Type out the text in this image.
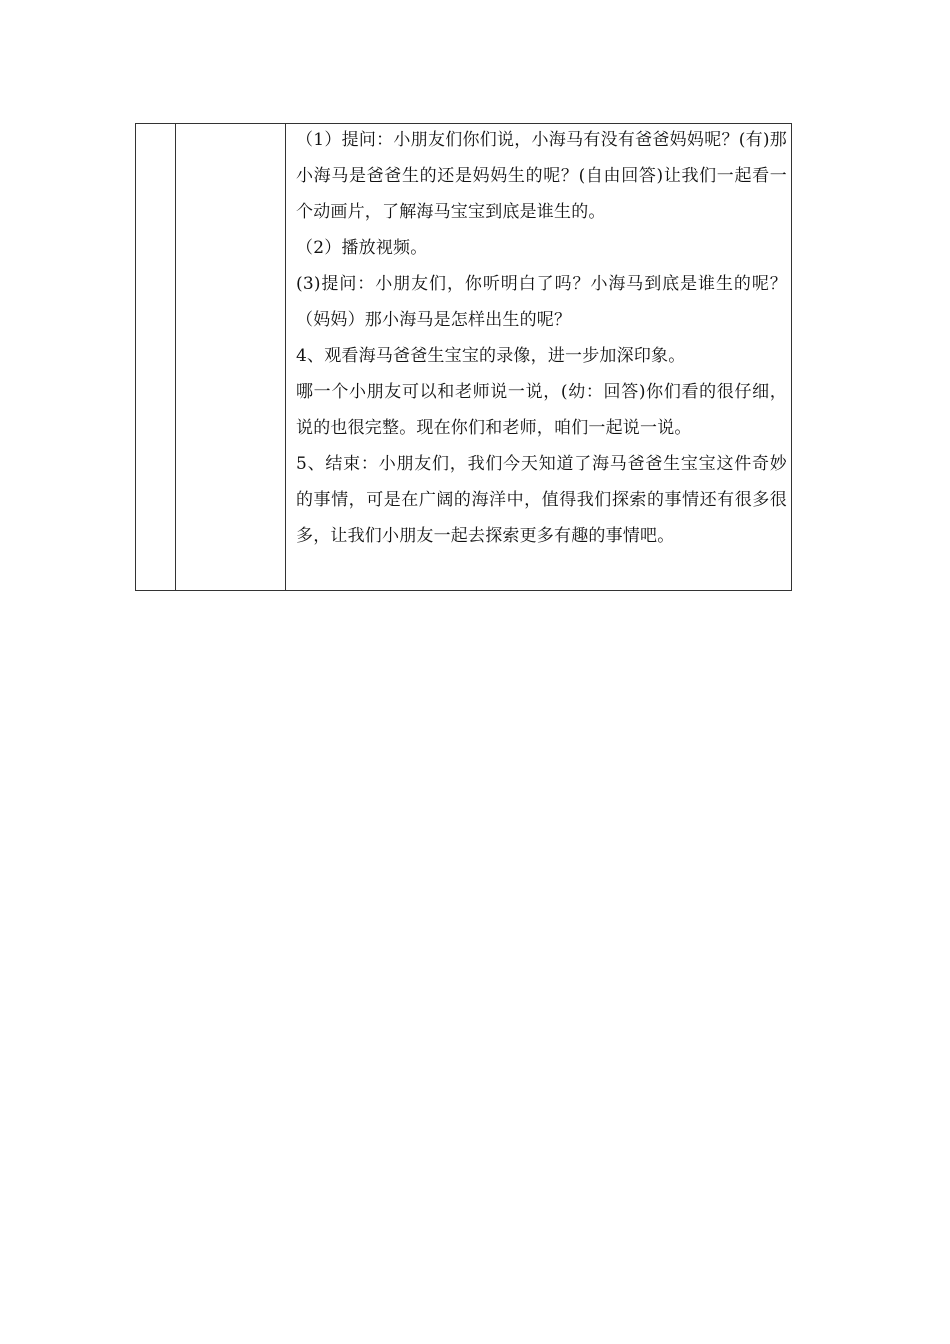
（1）提问：小朋友们你们说，小海马有没有爸爸妈妈呢？(有)那小海马是爸爸生的还是妈妈生的呢？(自由回答)让我们一起看一个动画片，了解海马宝宝到底是谁生的。

（2）播放视频。

(3)提问：小朋友们，你听明白了吗？小海马到底是谁生的呢？（妈妈）那小海马是怎样出生的呢？

4、观看海马爸爸生宝宝的录像，进一步加深印象。

哪一个小朋友可以和老师说一说，(幼：回答)你们看的很仔细，说的也很完整。现在你们和老师，咱们一起说一说。

5、结束：小朋友们，我们今天知道了海马爸爸生宝宝这件奇妙的事情，可是在广阔的海洋中，值得我们探索的事情还有很多很多，让我们小朋友一起去探索更多有趣的事情吧。
